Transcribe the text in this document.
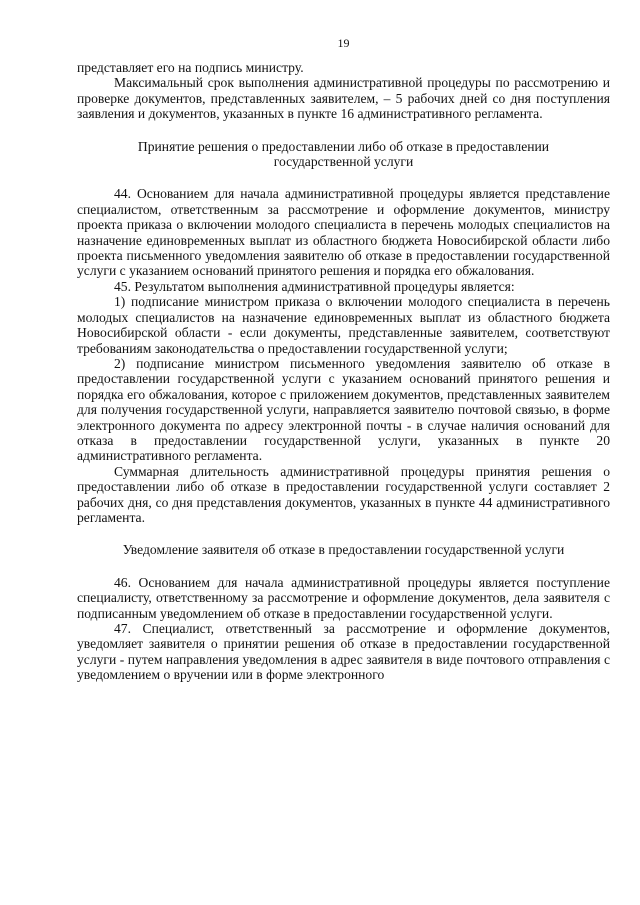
19

представляет его на подпись министру.

Максимальный срок выполнения административной процедуры по рассмотрению и проверке документов, представленных заявителем, – 5 рабочих дней со дня поступления заявления и документов, указанных в пункте 16 административного регламента.

Принятие решения о предоставлении либо об отказе в предоставлении государственной услуги

44. Основанием для начала административной процедуры является представление специалистом, ответственным за рассмотрение и оформление документов, министру проекта приказа о включении молодого специалиста в перечень молодых специалистов на назначение единовременных выплат из областного бюджета Новосибирской области либо проекта письменного уведомления заявителю об отказе в предоставлении государственной услуги с указанием оснований принятого решения и порядка его обжалования.

45. Результатом выполнения административной процедуры является:

1) подписание министром приказа о включении молодого специалиста в перечень молодых специалистов на назначение единовременных выплат из областного бюджета Новосибирской области - если документы, представленные заявителем, соответствуют требованиям законодательства о предоставлении государственной услуги;

2) подписание министром письменного уведомления заявителю об отказе в предоставлении государственной услуги с указанием оснований принятого решения и порядка его обжалования, которое с приложением документов, представленных заявителем для получения государственной услуги, направляется заявителю почтовой связью, в форме электронного документа по адресу электронной почты - в случае наличия оснований для отказа в предоставлении государственной услуги, указанных в пункте 20 административного регламента.

Суммарная длительность административной процедуры принятия решения о предоставлении либо об отказе в предоставлении государственной услуги составляет 2 рабочих дня, со дня представления документов, указанных в пункте 44 административного регламента.

Уведомление заявителя об отказе в предоставлении государственной услуги

46. Основанием для начала административной процедуры является поступление специалисту, ответственному за рассмотрение и оформление документов, дела заявителя с подписанным уведомлением об отказе в предоставлении государственной услуги.

47. Специалист, ответственный за рассмотрение и оформление документов, уведомляет заявителя о принятии решения об отказе в предоставлении государственной услуги - путем направления уведомления в адрес заявителя в виде почтового отправления с уведомлением о вручении или в форме электронного
